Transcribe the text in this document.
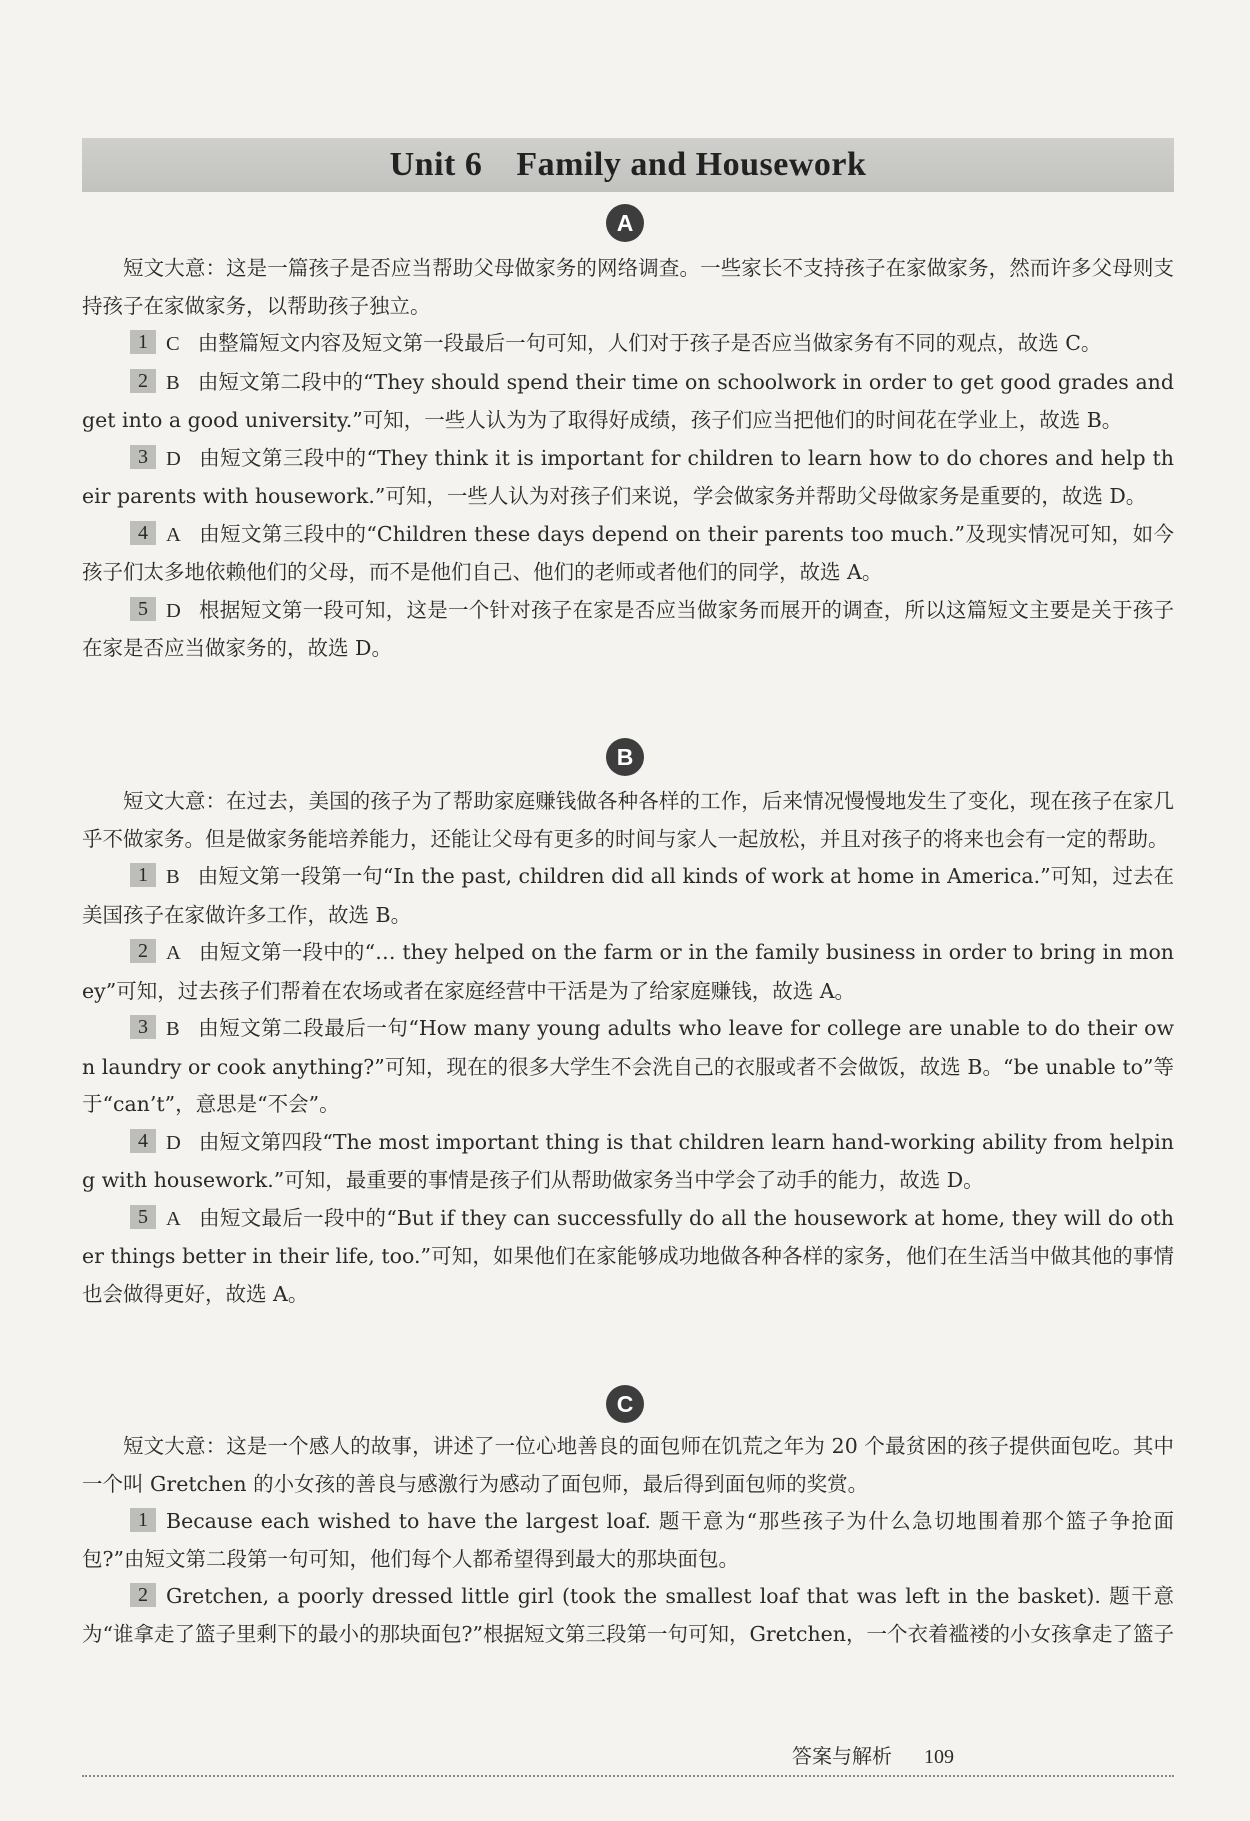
Unit 6 Family and Housework
A

短文大意：这是一篇孩子是否应当帮助父母做家务的网络调查。一些家长不支持孩子在家做家务，然而许多父母则支持孩子在家做家务，以帮助孩子独立。

1 C 由整篇短文内容及短文第一段最后一句可知，人们对于孩子是否应当做家务有不同的观点，故选 C。

2 B 由短文第二段中的“They should spend their time on schoolwork in order to get good grades and get into a good university.”可知，一些人认为为了取得好成绩，孩子们应当把他们的时间花在学业上，故选 B。

3 D 由短文第三段中的“They think it is important for children to learn how to do chores and help their parents with housework.”可知，一些人认为对孩子们来说，学会做家务并帮助父母做家务是重要的，故选 D。

4 A 由短文第三段中的“Children these days depend on their parents too much.”及现实情况可知，如今孩子们太多地依赖他们的父母，而不是他们自己、他们的老师或者他们的同学，故选 A。

5 D 根据短文第一段可知，这是一个针对孩子在家是否应当做家务而展开的调查，所以这篇短文主要是关于孩子在家是否应当做家务的，故选 D。

B

短文大意：在过去，美国的孩子为了帮助家庭赚钱做各种各样的工作，后来情况慢慢地发生了变化，现在孩子在家几乎不做家务。但是做家务能培养能力，还能让父母有更多的时间与家人一起放松，并且对孩子的将来也会有一定的帮助。

1 B 由短文第一段第一句“In the past, children did all kinds of work at home in America.”可知，过去在美国孩子在家做许多工作，故选 B。

2 A 由短文第一段中的“… they helped on the farm or in the family business in order to bring in money”可知，过去孩子们帮着在农场或者在家庭经营中干活是为了给家庭赚钱，故选 A。

3 B 由短文第二段最后一句“How many young adults who leave for college are unable to do their own laundry or cook anything?”可知，现在的很多大学生不会洗自己的衣服或者不会做饭，故选 B。“be unable to”等于“can’t”，意思是“不会”。

4 D 由短文第四段“The most important thing is that children learn hand-working ability from helping with housework.”可知，最重要的事情是孩子们从帮助做家务当中学会了动手的能力，故选 D。

5 A 由短文最后一段中的“But if they can successfully do all the housework at home, they will do other things better in their life, too.”可知，如果他们在家能够成功地做各种各样的家务，他们在生活当中做其他的事情也会做得更好，故选 A。

C

短文大意：这是一个感人的故事，讲述了一位心地善良的面包师在饥荒之年为 20 个最贫困的孩子提供面包吃。其中一个叫 Gretchen 的小女孩的善良与感激行为感动了面包师，最后得到面包师的奖赏。

1 Because each wished to have the largest loaf. 题干意为“那些孩子为什么急切地围着那个篮子争抢面包?”由短文第二段第一句可知，他们每个人都希望得到最大的那块面包。

2 Gretchen, a poorly dressed little girl (took the smallest loaf that was left in the basket). 题干意为“谁拿走了篮子里剩下的最小的那块面包?”根据短文第三段第一句可知，Gretchen，一个衣着褴褛的小女孩拿走了篮子

答案与解析 109
